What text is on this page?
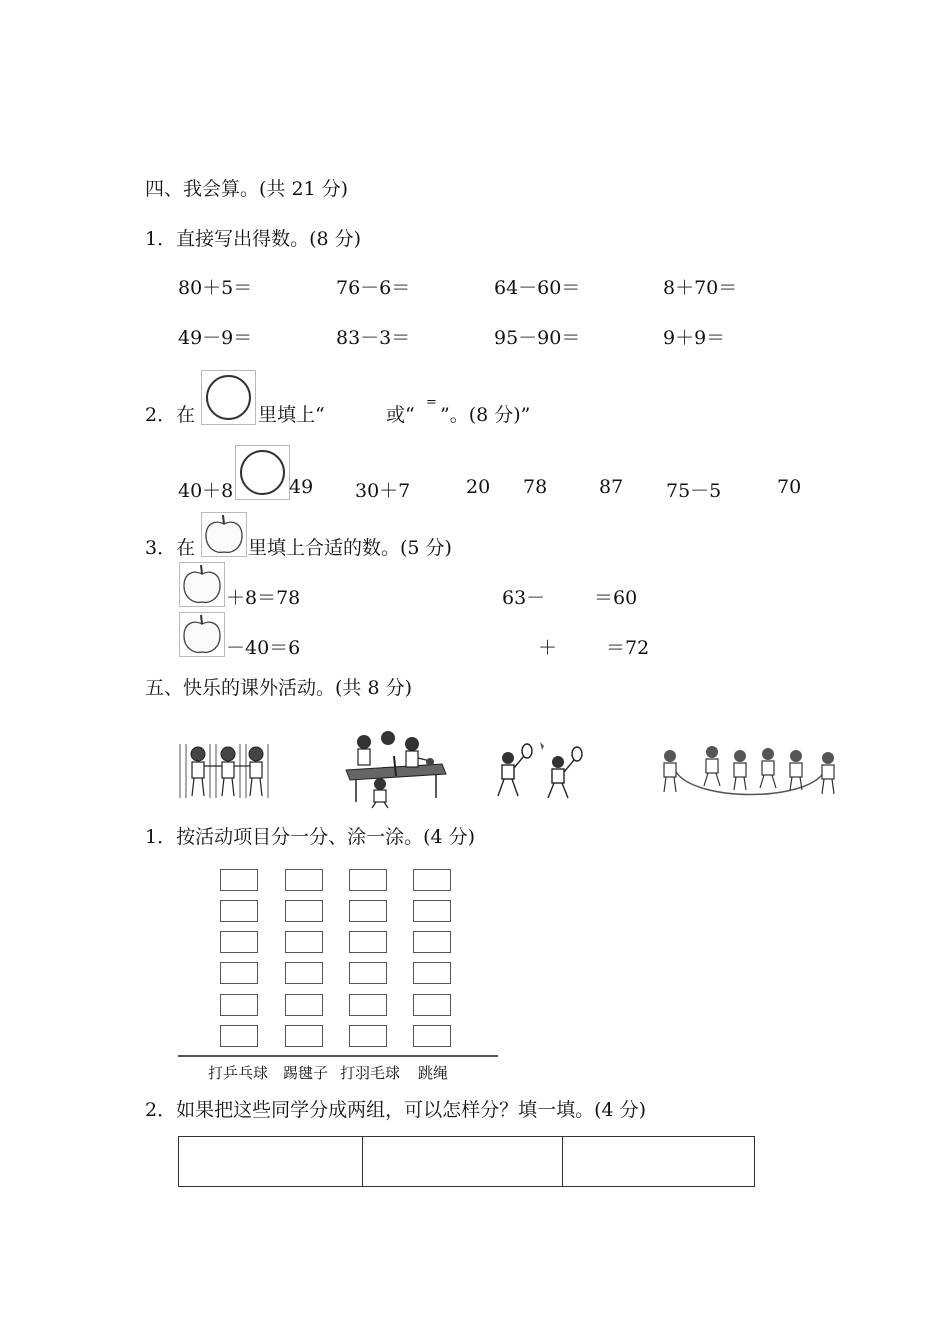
四、我会算。(共 21 分)
1．直接写出得数。(8 分)
80＋5＝	76－6＝	64－60＝	8＋70＝
49－9＝	83－3＝	95－90＝	9＋9＝
2．在	里填上“	或“
=
”。(8 分)”
40＋8	49 30＋7	20 78	87 75－5	70
3．在	里填上合适的数。(5 分)
＋8＝78	63－	＝60
－40＝6	＋	＝72
五、快乐的课外活动。(共 8 分)
1．按活动项目分一分、涂一涂。(4 分)
打乒乓球 踢毽子 打羽毛球 跳绳
2．如果把这些同学分成两组，可以怎样分？填一填。(4 分)
